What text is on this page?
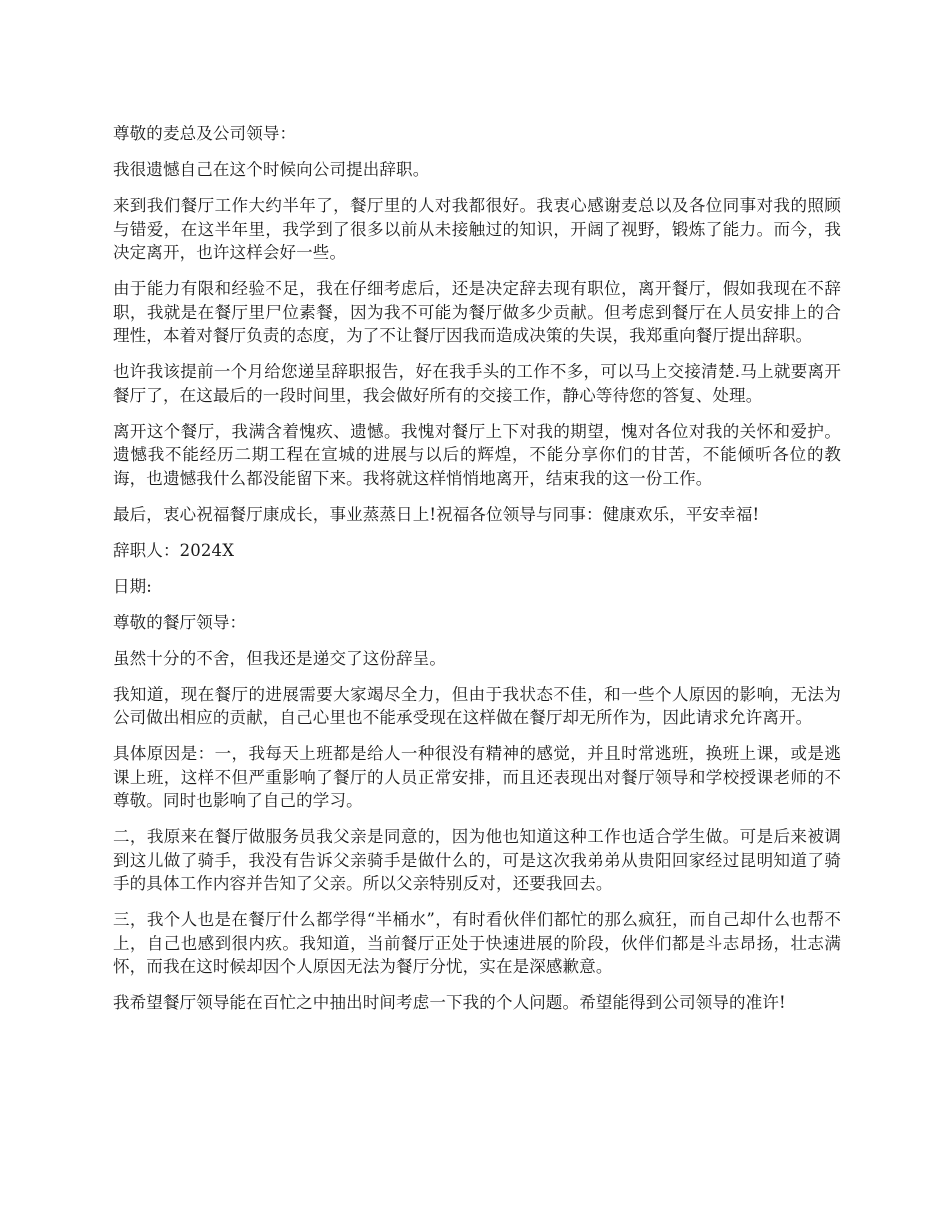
尊敬的麦总及公司领导：

我很遗憾自己在这个时候向公司提出辞职。

来到我们餐厅工作大约半年了，餐厅里的人对我都很好。我衷心感谢麦总以及各位同事对我的照顾与错爱，在这半年里，我学到了很多以前从未接触过的知识，开阔了视野，锻炼了能力。而今，我决定离开，也许这样会好一些。

由于能力有限和经验不足，我在仔细考虑后，还是决定辞去现有职位，离开餐厅，假如我现在不辞职，我就是在餐厅里尸位素餐，因为我不可能为餐厅做多少贡献。但考虑到餐厅在人员安排上的合理性，本着对餐厅负责的态度，为了不让餐厅因我而造成决策的失误，我郑重向餐厅提出辞职。

也许我该提前一个月给您递呈辞职报告，好在我手头的工作不多，可以马上交接清楚.马上就要离开餐厅了，在这最后的一段时间里，我会做好所有的交接工作，静心等待您的答复、处理。

离开这个餐厅，我满含着愧疚、遗憾。我愧对餐厅上下对我的期望，愧对各位对我的关怀和爱护。遗憾我不能经历二期工程在宣城的进展与以后的辉煌，不能分享你们的甘苦，不能倾听各位的教诲，也遗憾我什么都没能留下来。我将就这样悄悄地离开，结束我的这一份工作。

最后，衷心祝福餐厅康成长，事业蒸蒸日上!祝福各位领导与同事：健康欢乐，平安幸福!

辞职人：2024X

日期:

尊敬的餐厅领导：

虽然十分的不舍，但我还是递交了这份辞呈。

我知道，现在餐厅的进展需要大家竭尽全力，但由于我状态不佳，和一些个人原因的影响，无法为公司做出相应的贡献，自己心里也不能承受现在这样做在餐厅却无所作为，因此请求允许离开。

具体原因是：一，我每天上班都是给人一种很没有精神的感觉，并且时常逃班，换班上课，或是逃课上班，这样不但严重影响了餐厅的人员正常安排，而且还表现出对餐厅领导和学校授课老师的不尊敬。同时也影响了自己的学习。

二，我原来在餐厅做服务员我父亲是同意的，因为他也知道这种工作也适合学生做。可是后来被调到这儿做了骑手，我没有告诉父亲骑手是做什么的，可是这次我弟弟从贵阳回家经过昆明知道了骑手的具体工作内容并告知了父亲。所以父亲特别反对，还要我回去。

三，我个人也是在餐厅什么都学得“半桶水”，有时看伙伴们都忙的那么疯狂，而自己却什么也帮不上，自己也感到很内疚。我知道，当前餐厅正处于快速进展的阶段，伙伴们都是斗志昂扬，壮志满怀，而我在这时候却因个人原因无法为餐厅分忧，实在是深感歉意。

我希望餐厅领导能在百忙之中抽出时间考虑一下我的个人问题。希望能得到公司领导的准许!
